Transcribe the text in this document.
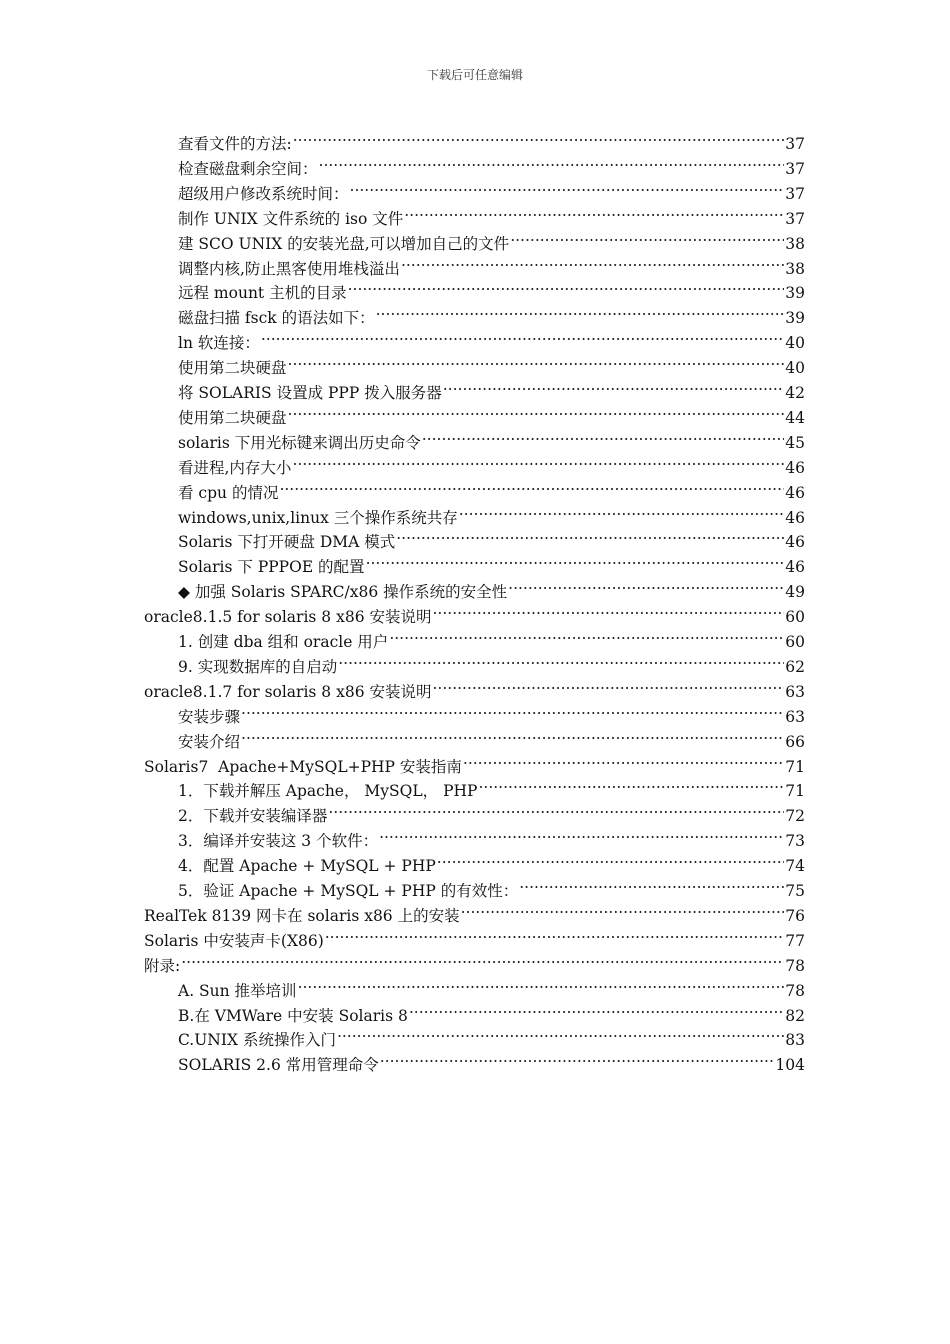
下载后可任意编辑
查看文件的方法: .....	37
检查磁盘剩余空间： .....	37
超级用户修改系统时间： .....	37
制作 UNIX 文件系统的 iso 文件 .....	37
建 SCO UNIX 的安装光盘,可以增加自己的文件 .....	38
调整内核,防止黑客使用堆栈溢出 .....	38
远程 mount 主机的目录 .....	39
磁盘扫描 fsck 的语法如下： .....	39
ln 软连接： .....	40
使用第二块硬盘 .....	40
将 SOLARIS 设置成 PPP 拨入服务器 .....	42
使用第二块硬盘 .....	44
solaris 下用光标键来调出历史命令 .....	45
看进程,内存大小 .....	46
看 cpu 的情况 .....	46
windows,unix,linux 三个操作系统共存 .....	46
Solaris 下打开硬盘 DMA 模式 .....	46
Solaris 下 PPPOE 的配置 .....	46
◆ 加强 Solaris SPARC/x86 操作系统的安全性 .....	49
oracle8.1.5 for solaris 8 x86 安装说明 .....	60
1. 创建 dba 组和 oracle 用户 .....	60
9. 实现数据库的自启动 .....	62
oracle8.1.7 for solaris 8 x86 安装说明 .....	63
安装步骤 .....	63
安装介绍 .....	66
Solaris7  Apache+MySQL+PHP 安装指南 .....	71
1．下载并解压 Apache， MySQL， PHP .....	71
2．下载并安装编译器 .....	72
3．编译并安装这 3 个软件： .....	73
4．配置 Apache + MySQL + PHP .....	74
5．验证 Apache + MySQL + PHP 的有效性： .....	75
RealTek 8139 网卡在 solaris x86 上的安装 .....	76
Solaris 中安装声卡(X86) .....	77
附录: .....	78
A. Sun 推举培训 .....	78
B.在 VMWare 中安装 Solaris 8 .....	82
C.UNIX 系统操作入门 .....	83
SOLARIS 2.6 常用管理命令 .....	104
